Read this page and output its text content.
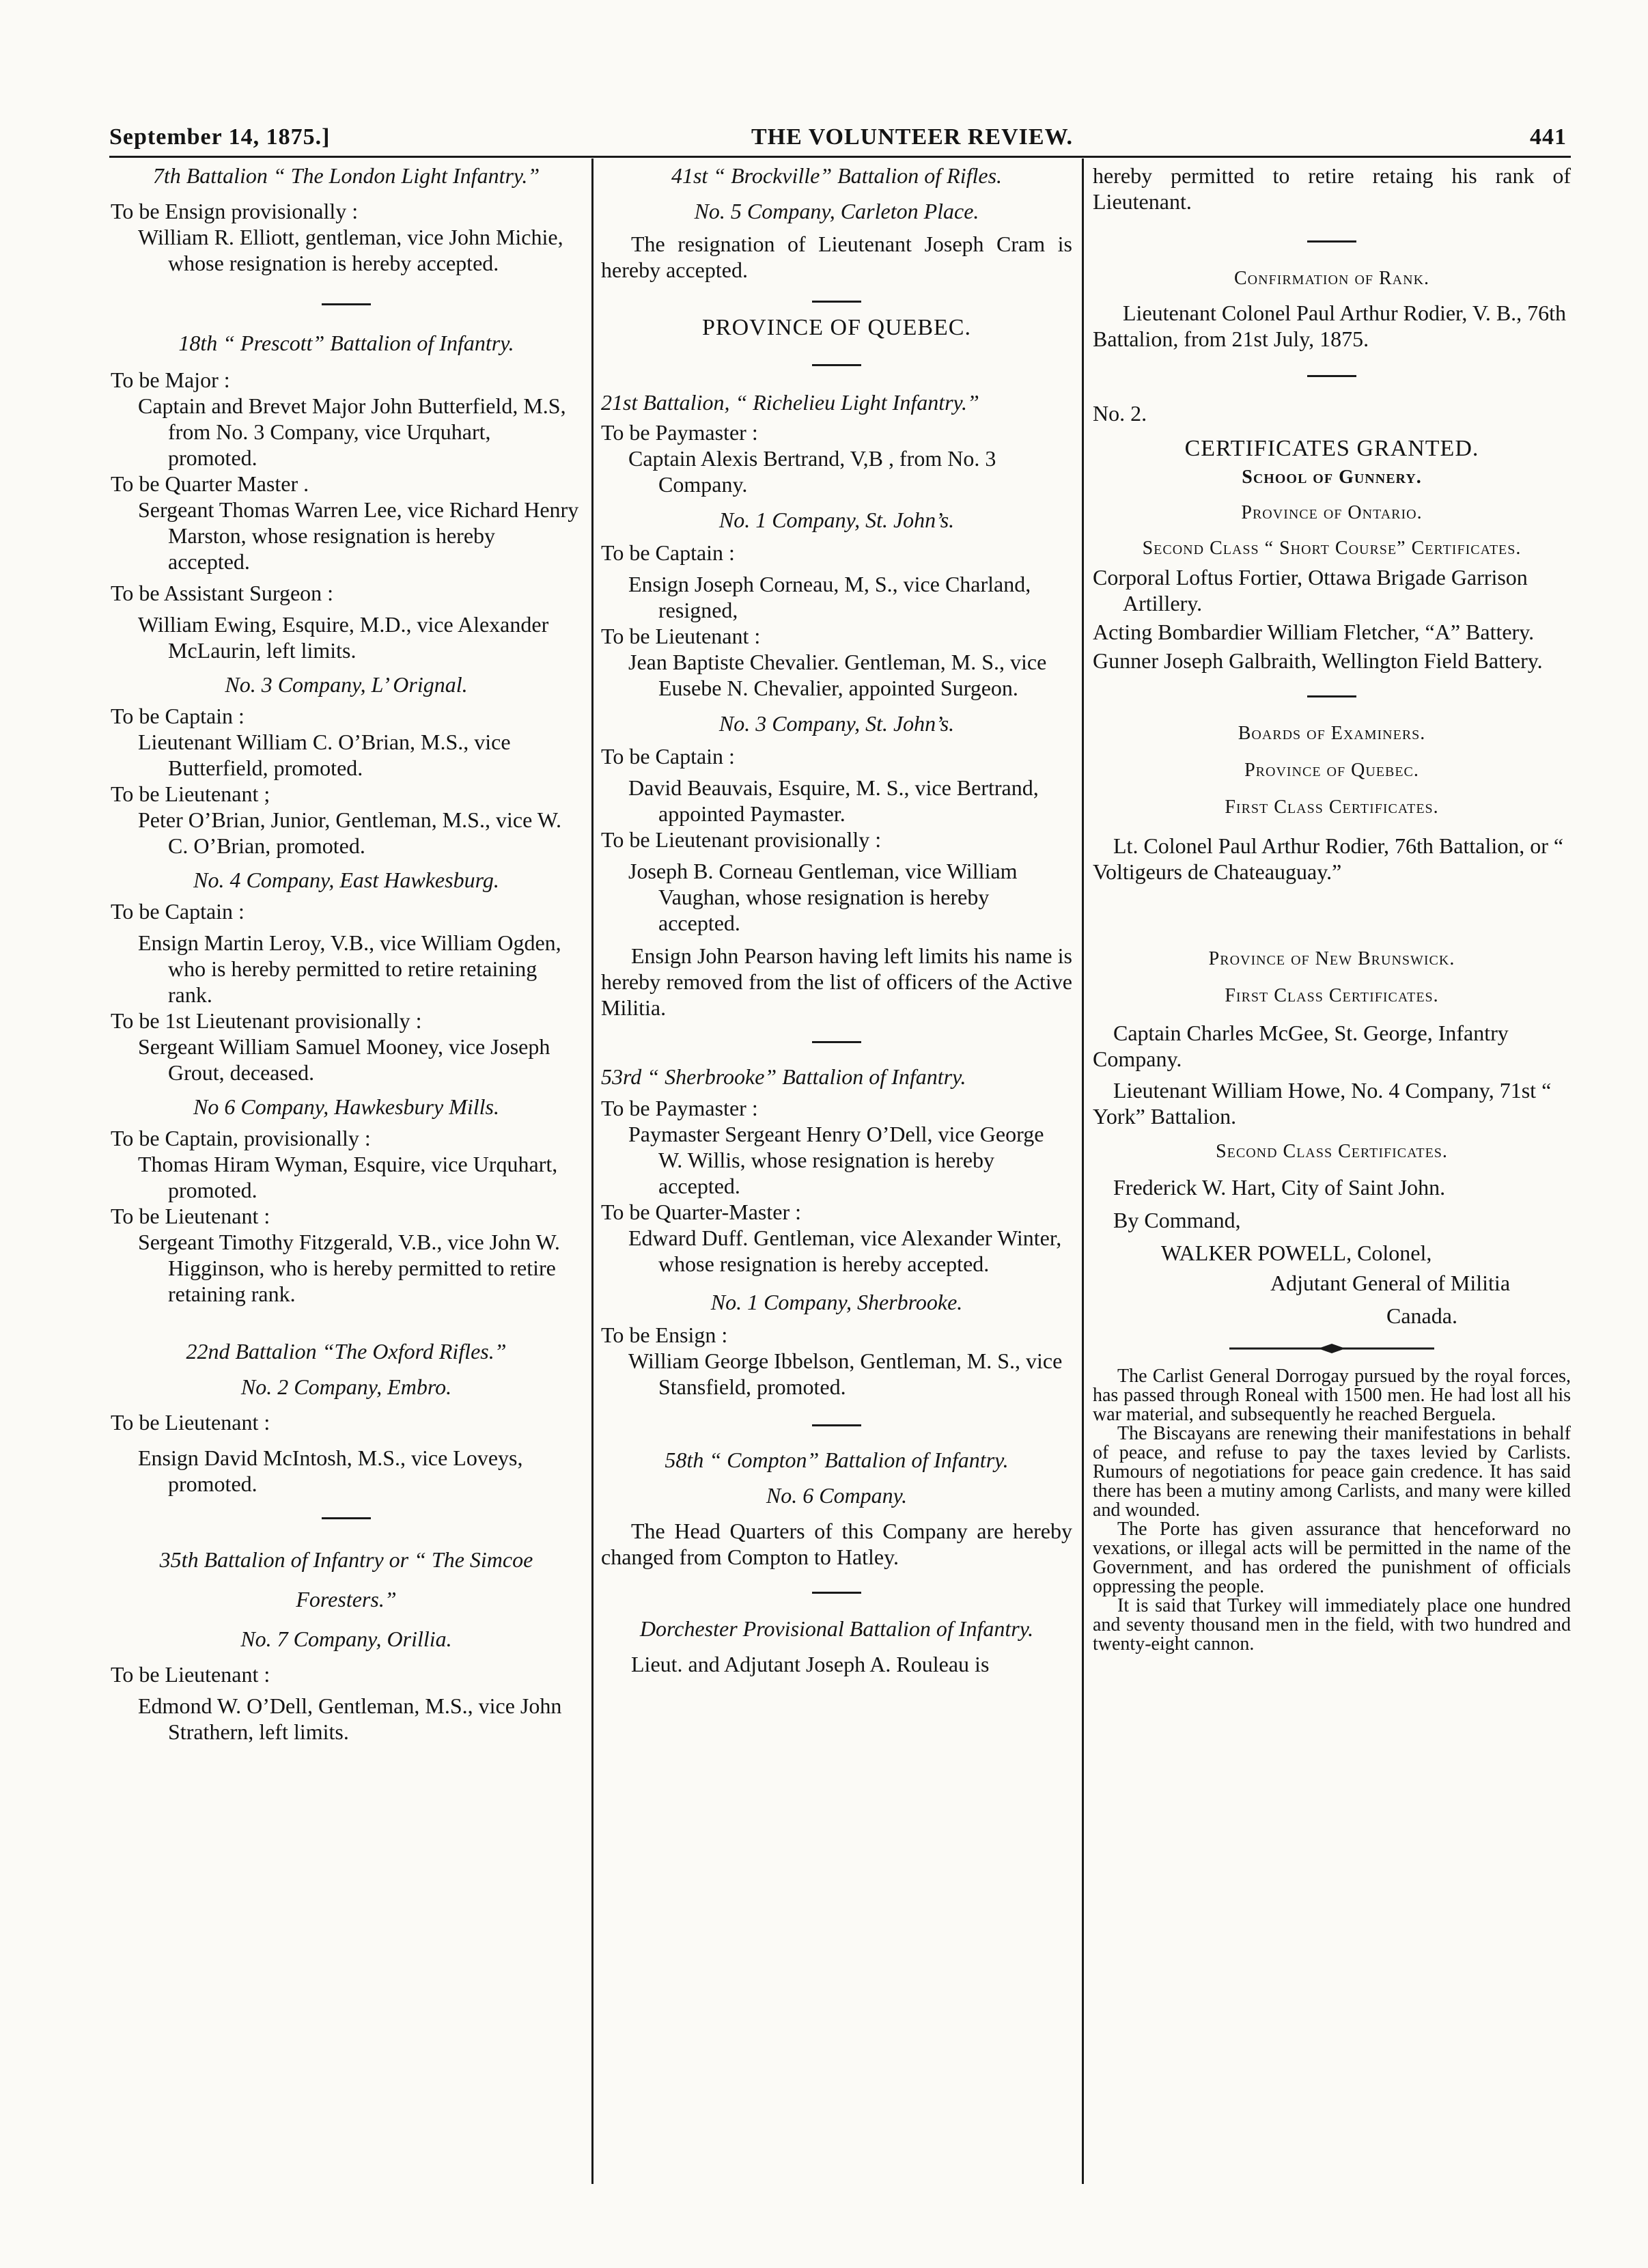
September 14, 1875.]	THE VOLUNTEER REVIEW.	441

7th Battalion “ The London Light Infantry.”

To be Ensign provisionally :

William R. Elliott, gentleman, vice John Michie, whose resignation is hereby accepted.

18th “ Prescott” Battalion of Infantry.

To be Major :

Captain and Brevet Major John Butterfield, M.S, from No. 3 Company, vice Urquhart, promoted.

To be Quarter Master .

Sergeant Thomas Warren Lee, vice Richard Henry Marston, whose resignation is hereby accepted.

To be Assistant Surgeon :

William Ewing, Esquire, M.D., vice Alexander McLaurin, left limits.

No. 3 Company, L’ Orignal.

To be Captain :

Lieutenant William C. O’Brian, M.S., vice Butterfield, promoted.

To be Lieutenant ;

Peter O’Brian, Junior, Gentleman, M.S., vice W. C. O’Brian, promoted.

No. 4 Company, East Hawkesburg.

To be Captain :

Ensign Martin Leroy, V.B., vice William Ogden, who is hereby permitted to retire retaining rank.

To be 1st Lieutenant provisionally :

Sergeant William Samuel Mooney, vice Joseph Grout, deceased.

No 6 Company, Hawkesbury Mills.

To be Captain, provisionally :

Thomas Hiram Wyman, Esquire, vice Urquhart, promoted.

To be Lieutenant :

Sergeant Timothy Fitzgerald, V.B., vice John W. Higginson, who is hereby permitted to retire retaining rank.

22nd Battalion “The Oxford Rifles.”

No. 2 Company, Embro.

To be Lieutenant :

Ensign David McIntosh, M.S., vice Loveys, promoted.

35th Battalion of Infantry or “ The Simcoe Foresters.”

No. 7 Company, Orillia.

To be Lieutenant :

Edmond W. O’Dell, Gentleman, M.S., vice John Strathern, left limits.

41st “ Brockville” Battalion of Rifles.

No. 5 Company, Carleton Place.

The resignation of Lieutenant Joseph Cram is hereby accepted.

PROVINCE OF QUEBEC.

21st Battalion, “ Richelieu Light Infantry.”

To be Paymaster :

Captain Alexis Bertrand, V,B , from No. 3 Company.

No. 1 Company, St. John’s.

To be Captain :

Ensign Joseph Corneau, M, S., vice Charland, resigned,

To be Lieutenant :

Jean Baptiste Chevalier. Gentleman, M. S., vice Eusebe N. Chevalier, appointed Surgeon.

No. 3 Company, St. John’s.

To be Captain :

David Beauvais, Esquire, M. S., vice Bertrand, appointed Paymaster.

To be Lieutenant provisionally :

Joseph B. Corneau Gentleman, vice William Vaughan, whose resignation is hereby accepted.

Ensign John Pearson having left limits his name is hereby removed from the list of officers of the Active Militia.

53rd “ Sherbrooke” Battalion of Infantry.

To be Paymaster :

Paymaster Sergeant Henry O’Dell, vice George W. Willis, whose resignation is hereby accepted.

To be Quarter-Master :

Edward Duff. Gentleman, vice Alexander Winter, whose resignation is hereby accepted.

No. 1 Company, Sherbrooke.

To be Ensign :

William George Ibbelson, Gentleman, M. S., vice Stansfield, promoted.

58th “ Compton” Battalion of Infantry.

No. 6 Company.

The Head Quarters of this Company are hereby changed from Compton to Hatley.

Dorchester Provisional Battalion of Infantry.

Lieut. and Adjutant Joseph A. Rouleau is

hereby permitted to retire retaing his rank of Lieutenant.

Confirmation of Rank.

Lieutenant Colonel Paul Arthur Rodier, V. B., 76th Battalion, from 21st July, 1875.

No. 2.

CERTIFICATES GRANTED.

School of Gunnery.

Province of Ontario.

Second Class “ Short Course” Certificates.

Corporal Loftus Fortier, Ottawa Brigade Garrison Artillery.

Acting Bombardier William Fletcher, “A” Battery.

Gunner Joseph Galbraith, Wellington Field Battery.

Boards of Examiners.

Province of Quebec.

First Class Certificates.

Lt. Colonel Paul Arthur Rodier, 76th Battalion, or “ Voltigeurs de Chateauguay.”

Province of New Brunswick.

First Class Certificates.

Captain Charles McGee, St. George, Infantry Company.

Lieutenant William Howe, No. 4 Company, 71st “ York” Battalion.

Second Class Certificates.

Frederick W. Hart, City of Saint John.

By Command,

WALKER POWELL, Colonel,

Adjutant General of Militia

Canada.

The Carlist General Dorrogay pursued by the royal forces, has passed through Roneal with 1500 men. He had lost all his war material, and subsequently he reached Berguela.

The Biscayans are renewing their manifestations in behalf of peace, and refuse to pay the taxes levied by Carlists. Rumours of negotiations for peace gain credence. It has said there has been a mutiny among Carlists, and many were killed and wounded.

The Porte has given assurance that henceforward no vexations, or illegal acts will be permitted in the name of the Government, and has ordered the punishment of officials oppressing the people.

It is said that Turkey will immediately place one hundred and seventy thousand men in the field, with two hundred and twenty-eight cannon.
